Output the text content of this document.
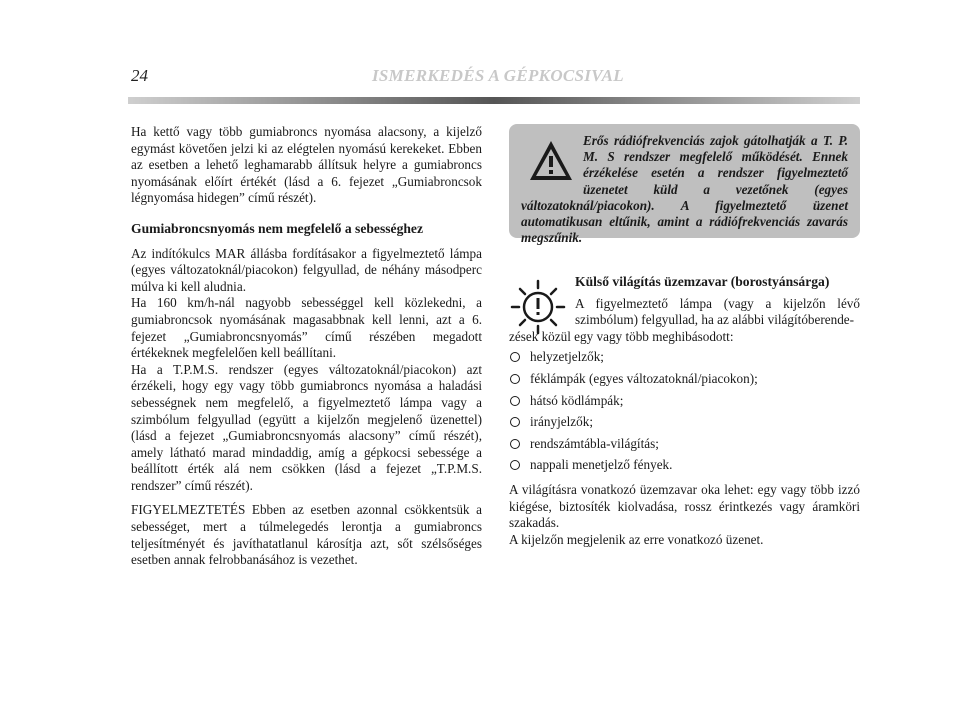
24	ISMERKEDÉS A GÉPKOCSIVAL

Ha kettő vagy több gumiabroncs nyomása alacsony, a kijelző egymást követően jelzi ki az elégtelen nyomású kerekeket. Ebben az esetben a lehető leghamarabb állítsuk helyre a gumiabroncs nyomásának előírt értékét (lásd a 6. fejezet „Gumiabroncsok légnyomása hidegen” című részét).

Gumiabroncsnyomás nem megfelelő a sebességhez

Az indítókulcs MAR állásba fordításakor a figyelmeztető lámpa (egyes változatoknál/piacokon) felgyullad, de néhány másodperc múlva ki kell aludnia.

Ha 160 km/h-nál nagyobb sebességgel kell közlekedni, a gumiabroncsok nyomásának magasabbnak kell lenni, azt a 6. fejezet „Gumiabroncsnyomás” című részében megadott értékeknek megfelelően kell beállítani.

Ha a T.P.M.S. rendszer (egyes változatoknál/piacokon) azt érzékeli, hogy egy vagy több gumiabroncs nyomása a haladási sebességnek nem megfelelő, a figyelmeztető lámpa vagy a szimbólum felgyullad (együtt a kijelzőn megjelenő üzenettel) (lásd a fejezet „Gumiabroncsnyomás alacsony” című részét), amely látható marad mindaddig, amíg a gépkocsi sebessége a beállított érték alá nem csökken (lásd a fejezet „T.P.M.S. rendszer” című részét).

FIGYELMEZTETÉS Ebben az esetben azonnal csökkentsük a sebességet, mert a túlmelegedés lerontja a gumiabroncs teljesítményét és javíthatatlanul károsítja azt, sőt szélsőséges esetben annak felrobbanásához is vezethet.

Erős rádiófrekvenciás zajok gátolhatják a T. P. M. S rendszer megfelelő működését. Ennek érzékelése esetén a rendszer figyelmeztető üzenetet küld a vezetőnek (egyes változatoknál/piacokon). A figyelmeztető üzenet automatikusan eltűnik, amint a rádiófrekvenciás zavarás megszűnik.
Külső világítás üzemzavar (borostyánsárga)
A figyelmeztető lámpa (vagy a kijelzőn lévő szimbólum) felgyullad, ha az alábbi világítóberende-
zések közül egy vagy több meghibásodott:
helyzetjelzők;
féklámpák (egyes változatoknál/piacokon);
hátsó ködlámpák;
irányjelzők;
rendszámtábla-világítás;
nappali menetjelző fények.
A világításra vonatkozó üzemzavar oka lehet: egy vagy több izzó kiégése, biztosíték kiolvadása, rossz érintkezés vagy áramköri szakadás.
A kijelzőn megjelenik az erre vonatkozó üzenet.
